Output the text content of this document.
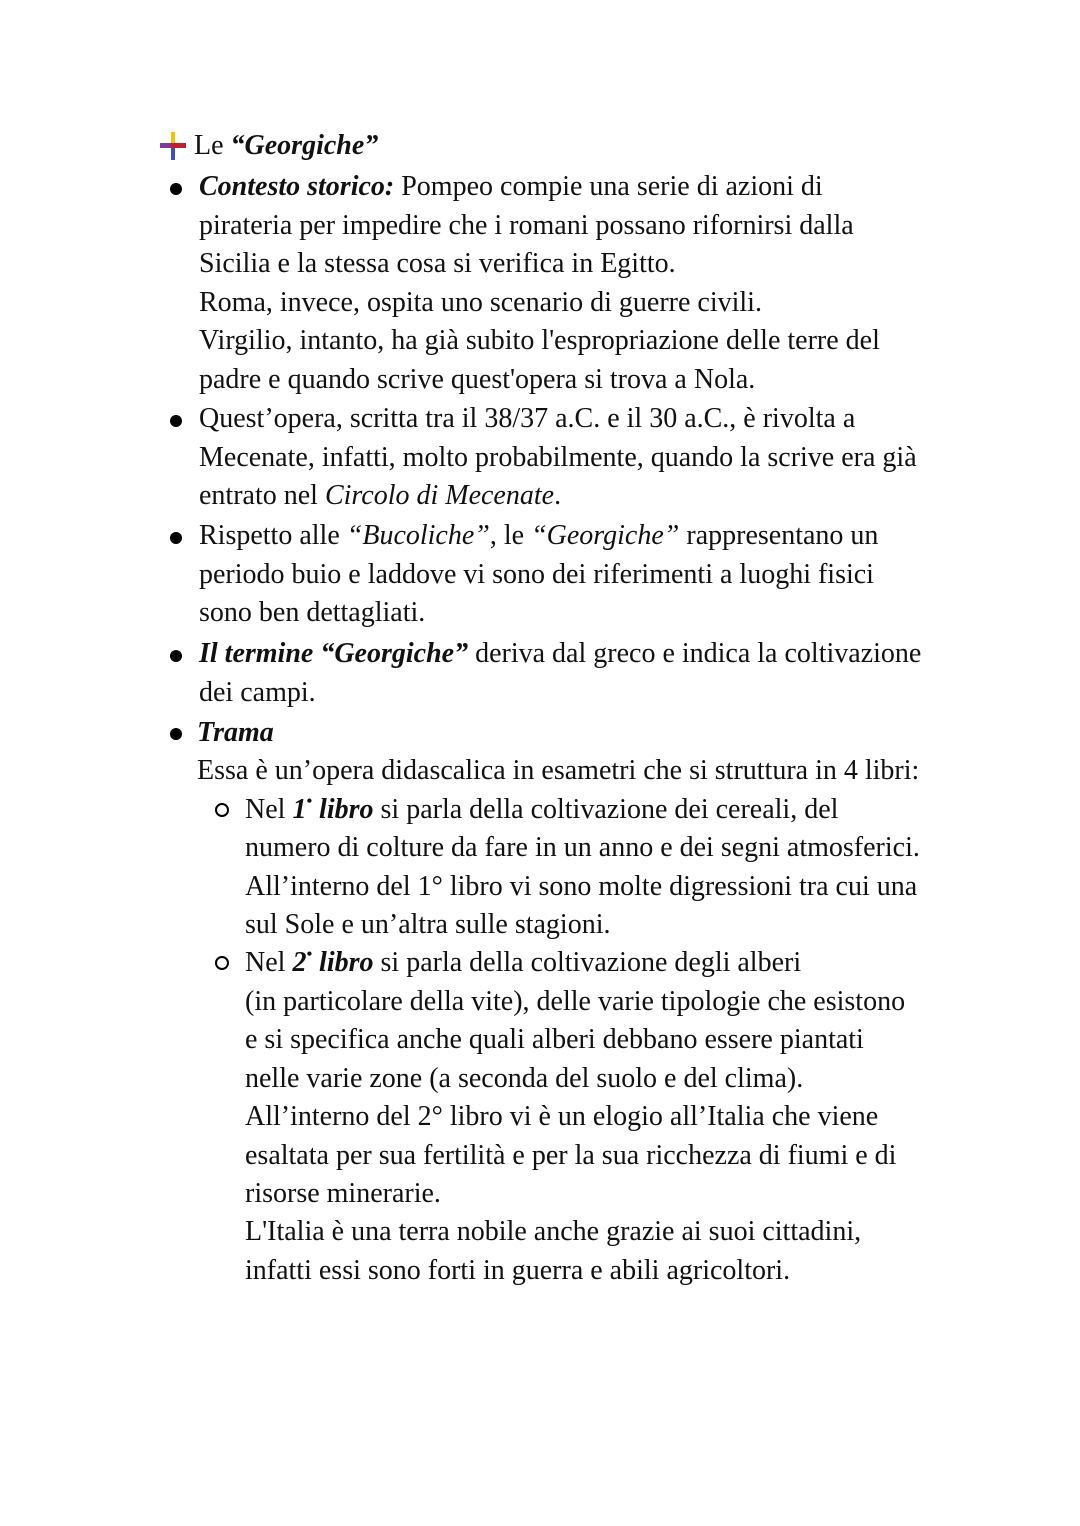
Le “Georgiche”
Contesto storico: Pompeo compie una serie di azioni di
pirateria per impedire che i romani possano rifornirsi dalla
Sicilia e la stessa cosa si verifica in Egitto.
Roma, invece, ospita uno scenario di guerre civili.
Virgilio, intanto, ha già subito l'espropriazione delle terre del
padre e quando scrive quest'opera si trova a Nola.
Quest’opera, scritta tra il 38/37 a.C. e il 30 a.C., è rivolta a
Mecenate, infatti, molto probabilmente, quando la scrive era già
entrato nel Circolo di Mecenate.
Rispetto alle “Bucoliche”, le “Georgiche” rappresentano un
periodo buio e laddove vi sono dei riferimenti a luoghi fisici
sono ben dettagliati.
Il termine “Georgiche” deriva dal greco e indica la coltivazione
dei campi.
Trama
Essa è un’opera didascalica in esametri che si struttura in 4 libri:
Nel 1• libro si parla della coltivazione dei cereali, del
numero di colture da fare in un anno e dei segni atmosferici.
All’interno del 1° libro vi sono molte digressioni tra cui una
sul Sole e un’altra sulle stagioni.
Nel 2• libro si parla della coltivazione degli alberi
(in particolare della vite), delle varie tipologie che esistono
e si specifica anche quali alberi debbano essere piantati
nelle varie zone (a seconda del suolo e del clima).
All’interno del 2° libro vi è un elogio all’Italia che viene
esaltata per sua fertilità e per la sua ricchezza di fiumi e di
risorse minerarie.
L'Italia è una terra nobile anche grazie ai suoi cittadini,
infatti essi sono forti in guerra e abili agricoltori.
